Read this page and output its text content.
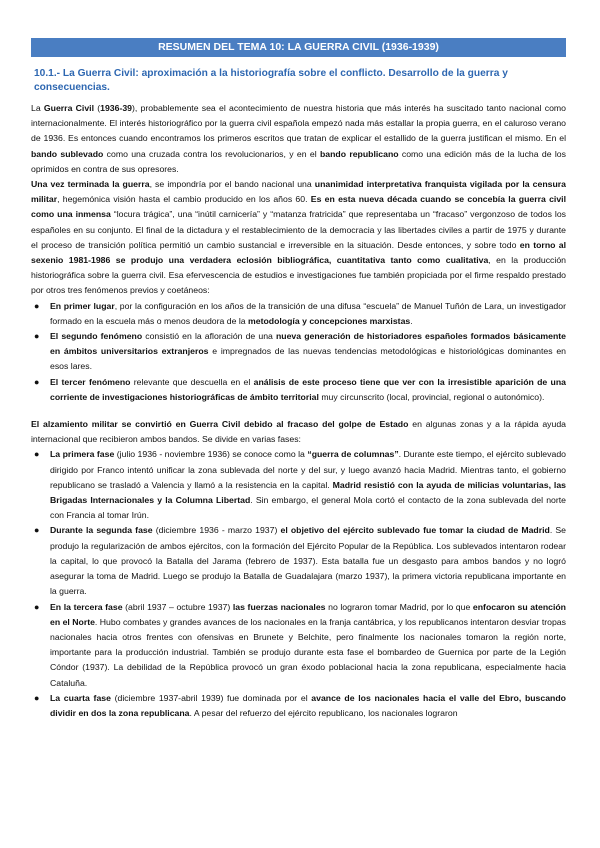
RESUMEN DEL TEMA 10: LA GUERRA CIVIL (1936-1939)
10.1.- La Guerra Civil: aproximación a la historiografía sobre el conflicto. Desarrollo de la guerra y consecuencias.

La Guerra Civil (1936-39), probablemente sea el acontecimiento de nuestra historia que más interés ha suscitado tanto nacional como internacionalmente. El interés historiográfico por la guerra civil española empezó nada más estallar la propia guerra, en el caluroso verano de 1936. Es entonces cuando encontramos los primeros escritos que tratan de explicar el estallido de la guerra justifican el mismo. En el bando sublevado como una cruzada contra los revolucionarios, y en el bando republicano como una edición más de la lucha de los oprimidos en contra de sus opresores.

Una vez terminada la guerra, se impondría por el bando nacional una unanimidad interpretativa franquista vigilada por la censura militar, hegemónica visión hasta el cambio producido en los años 60. Es en esta nueva década cuando se concebía la guerra civil como una inmensa “locura trágica”, una “inútil carnicería” y “matanza fratricida” que representaba un “fracaso” vergonzoso de todos los españoles en su conjunto. El final de la dictadura y el restablecimiento de la democracia y las libertades civiles a partir de 1975 y durante el proceso de transición política permitió un cambio sustancial e irreversible en la situación. Desde entonces, y sobre todo en torno al sexenio 1981-1986 se produjo una verdadera eclosión bibliográfica, cuantitativa tanto como cualitativa, en la producción historiográfica sobre la guerra civil. Esa efervescencia de estudios e investigaciones fue también propiciada por el firme respaldo prestado por otros tres fenómenos previos y coetáneos:

● En primer lugar, por la configuración en los años de la transición de una difusa “escuela” de Manuel Tuñón de Lara, un investigador formado en la escuela más o menos deudora de la metodología y concepciones marxistas.
● El segundo fenómeno consistió en la afloración de una nueva generación de historiadores españoles formados básicamente en ámbitos universitarios extranjeros e impregnados de las nuevas tendencias metodológicas e historiológicas dominantes en esos lares.
● El tercer fenómeno relevante que descuella en el análisis de este proceso tiene que ver con la irresistible aparición de una corriente de investigaciones historiográficas de ámbito territorial muy circunscrito (local, provincial, regional o autonómico).

El alzamiento militar se convirtió en Guerra Civil debido al fracaso del golpe de Estado en algunas zonas y a la rápida ayuda internacional que recibieron ambos bandos. Se divide en varias fases:

● La primera fase (julio 1936 - noviembre 1936) se conoce como la “guerra de columnas”. Durante este tiempo, el ejército sublevado dirigido por Franco intentó unificar la zona sublevada del norte y del sur, y luego avanzó hacia Madrid. Mientras tanto, el gobierno republicano se trasladó a Valencia y llamó a la resistencia en la capital. Madrid resistió con la ayuda de milicias voluntarias, las Brigadas Internacionales y la Columna Libertad. Sin embargo, el general Mola cortó el contacto de la zona sublevada del norte con Francia al tomar Irún.
● Durante la segunda fase (diciembre 1936 - marzo 1937) el objetivo del ejército sublevado fue tomar la ciudad de Madrid. Se produjo la regularización de ambos ejércitos, con la formación del Ejército Popular de la República. Los sublevados intentaron rodear la capital, lo que provocó la Batalla del Jarama (febrero de 1937). Esta batalla fue un desgasto para ambos bandos y no logró asegurar la toma de Madrid. Luego se produjo la Batalla de Guadalajara (marzo 1937), la primera victoria republicana importante en la guerra.
● En la tercera fase (abril 1937 – octubre 1937) las fuerzas nacionales no lograron tomar Madrid, por lo que enfocaron su atención en el Norte. Hubo combates y grandes avances de los nacionales en la franja cantábrica, y los republicanos intentaron desviar tropas nacionales hacia otros frentes con ofensivas en Brunete y Belchite, pero finalmente los nacionales tomaron la región norte, importante para la producción industrial. También se produjo durante esta fase el bombardeo de Guernica por parte de la Legión Cóndor (1937). La debilidad de la República provocó un gran éxodo poblacional hacia la zona republicana, especialmente hacia Cataluña.
● La cuarta fase (diciembre 1937-abril 1939) fue dominada por el avance de los nacionales hacia el valle del Ebro, buscando dividir en dos la zona republicana. A pesar del refuerzo del ejército republicano, los nacionales lograron
